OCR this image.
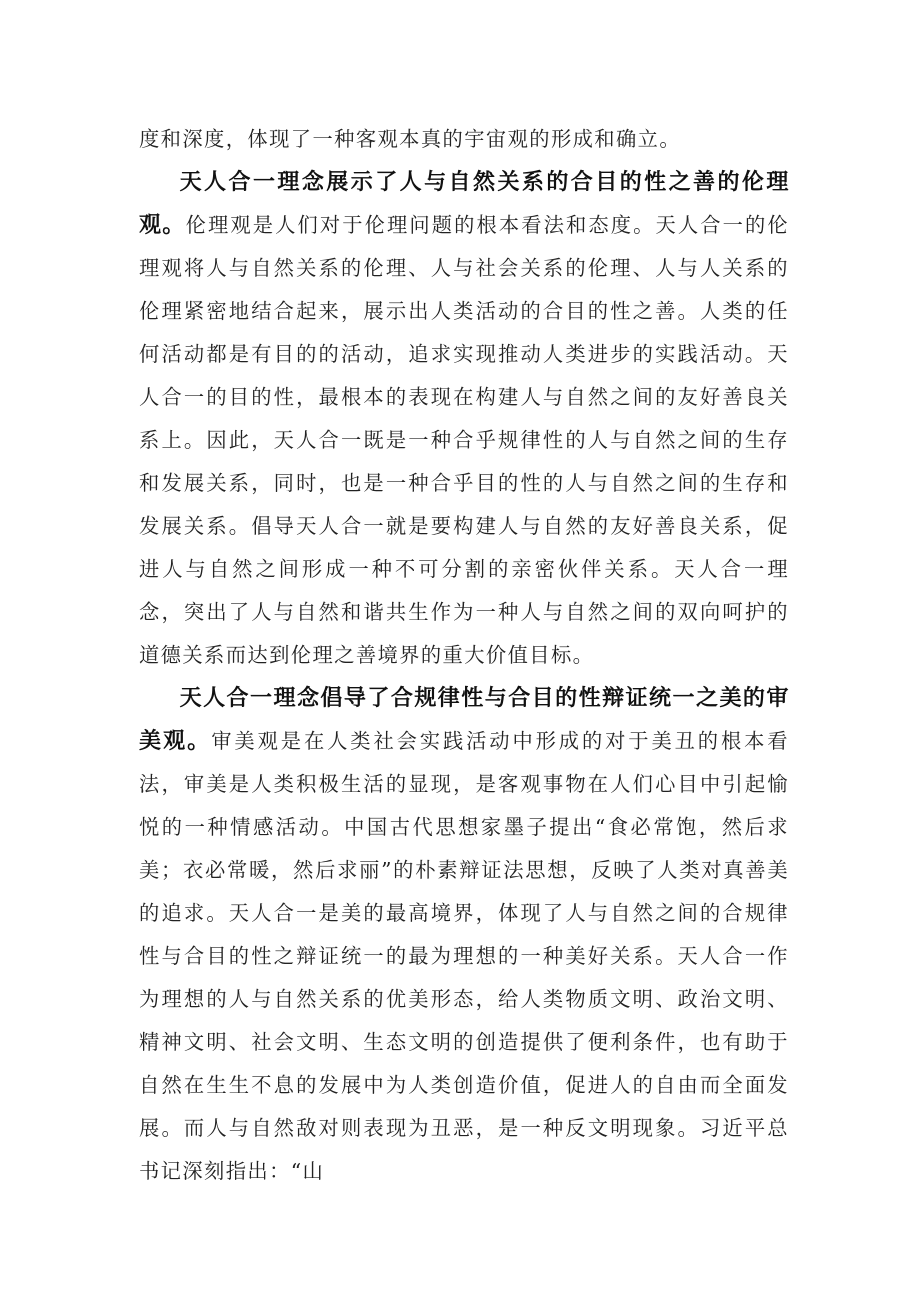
度和深度，体现了一种客观本真的宇宙观的形成和确立。

天人合一理念展示了人与自然关系的合目的性之善的伦理观。伦理观是人们对于伦理问题的根本看法和态度。天人合一的伦理观将人与自然关系的伦理、人与社会关系的伦理、人与人关系的伦理紧密地结合起来，展示出人类活动的合目的性之善。人类的任何活动都是有目的的活动，追求实现推动人类进步的实践活动。天人合一的目的性，最根本的表现在构建人与自然之间的友好善良关系上。因此，天人合一既是一种合乎规律性的人与自然之间的生存和发展关系，同时，也是一种合乎目的性的人与自然之间的生存和发展关系。倡导天人合一就是要构建人与自然的友好善良关系，促进人与自然之间形成一种不可分割的亲密伙伴关系。天人合一理念，突出了人与自然和谐共生作为一种人与自然之间的双向呵护的道德关系而达到伦理之善境界的重大价值目标。

天人合一理念倡导了合规律性与合目的性辩证统一之美的审美观。审美观是在人类社会实践活动中形成的对于美丑的根本看法，审美是人类积极生活的显现，是客观事物在人们心目中引起愉悦的一种情感活动。中国古代思想家墨子提出“食必常饱，然后求美；衣必常暖，然后求丽”的朴素辩证法思想，反映了人类对真善美的追求。天人合一是美的最高境界，体现了人与自然之间的合规律性与合目的性之辩证统一的最为理想的一种美好关系。天人合一作为理想的人与自然关系的优美形态，给人类物质文明、政治文明、精神文明、社会文明、生态文明的创造提供了便利条件，也有助于自然在生生不息的发展中为人类创造价值，促进人的自由而全面发展。而人与自然敌对则表现为丑恶，是一种反文明现象。习近平总书记深刻指出：“山
